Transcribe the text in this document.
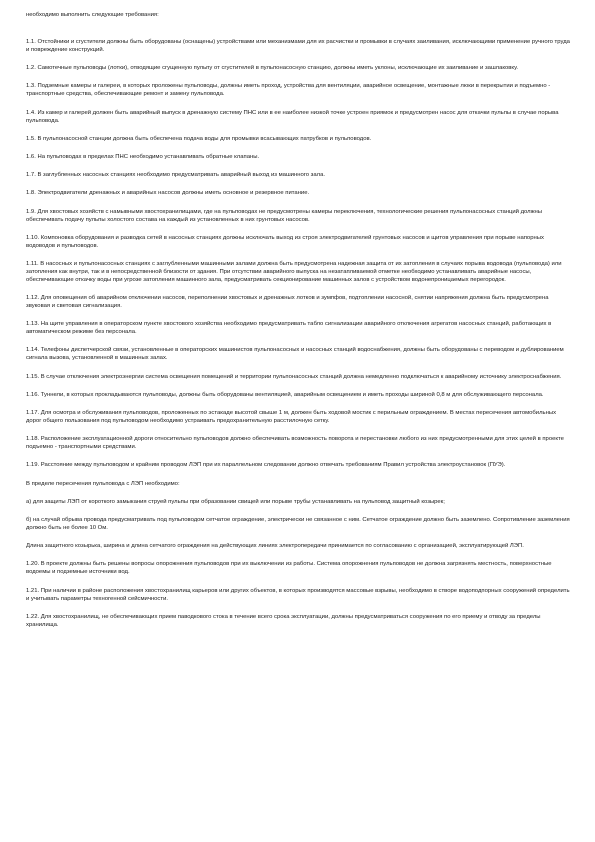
необходимо выполнить следующие требования:
1.1. Отстойники и сгустители должны быть оборудованы (оснащены) устройствами или механизмами для их расчистки и промывки в случаях заиливания, исключающими применение ручного труда и повреждение конструкций.
1.2. Самотечные пульповоды (лотки), отводящие сгущенную пульпу от сгустителей в пульпонасосную станцию, должны иметь уклоны, исключающие их заиливание и зашлаковку.
1.3. Подземные камеры и галереи, в которых проложены пульповоды, должны иметь проход, устройства для вентиляции, аварийное освещение, монтажные люки в перекрытии и подъемно - транспортные средства, обеспечивающие ремонт и замену пульповода.
1.4. Из камер и галерей должен быть аварийный выпуск в дренажную систему ПНС или в ее наиболее низкой точке устроен приямок и предусмотрен насос для откачки пульпы в случае порыва пульповода.
1.5. В пульпонасосной станции должна быть обеспечена подача воды для промывки всасывающих патрубков и пульповодов.
1.6. На пульповодах в пределах ПНС необходимо устанавливать обратные клапаны.
1.7. В заглубленных насосных станциях необходимо предусматривать аварийный выход из машинного зала.
1.8. Электродвигатели дренажных и аварийных насосов должны иметь основное и резервное питание.
1.9. Для хвостовых хозяйств с намывными хвостохранилищами, где на пульповодах не предусмотрены камеры переключения, технологические решения пульпонасосных станций должны обеспечивать подачу пульпы холостого состава на каждый из установленных в них грунтовых насосов.
1.10. Компоновка оборудования и разводка сетей в насосных станциях должны исключать выход из строя электродвигателей грунтовых насосов и щитов управления при порыве напорных водоводов и пульповодов.
1.11. В насосных и пульпонасосных станциях с заглубленными машинными залами должна быть предусмотрена надежная защита от их затопления в случаях порыва водовода (пульповода) или затопления как внутри, так и в непосредственной близости от здания. При отсутствии аварийного выпуска на незатапливаемой отметке необходимо устанавливать аварийные насосы, обеспечивающие откачку воды при угрозе затопления машинного зала, предусматривать секционирование машинных залов с устройством водонепроницаемых перегородок.
1.12. Для оповещения об аварийном отключении насосов, переполнении хвостовых и дренажных лотков и зумпфов, подтоплении насосной, снятии напряжения должна быть предусмотрена звуковая и световая сигнализация.
1.13. На щите управления в операторском пункте хвостового хозяйства необходимо предусматривать табло сигнализации аварийного отключения агрегатов насосных станций, работающих в автоматическом режиме без персонала.
1.14. Телефоны диспетчерской связи, установленные в операторских машинистов пульпонасосных и насосных станций водоснабжения, должны быть оборудованы с переводом и дублированием сигнала вызова, установленной в машинных залах.
1.15. В случае отключения электроэнергии система освещения помещений и территории пульпонасосных станций должна немедленно подключаться к аварийному источнику электроснабжения.
1.16. Туннели, в которых прокладываются пульповоды, должны быть оборудованы вентиляцией, аварийным освещением и иметь проходы шириной 0,8 м для обслуживающего персонала.
1.17. Для осмотра и обслуживания пульповодов, проложенных по эстакаде высотой свыше 1 м, должен быть ходовой мостик с перильным ограждением. В местах пересечения автомобильных дорог общего пользования под пульповодом необходимо устраивать предохранительную расстилочную сетку.
1.18. Расположение эксплуатационной дороги относительно пульповодов должно обеспечивать возможность поворота и перестановки любого из них предусмотренными для этих целей в проекте подъемно - транспортными средствами.
1.19. Расстояние между пульповодом и крайним проводом ЛЭП при их параллельном следовании должно отвечать требованиям Правил устройства электроустановок (ПУЭ).
В пределе пересечения пульповода с ЛЭП необходимо:
а) для защиты ЛЭП от короткого замыкания струей пульпы при образовании свищей или порыве трубы устанавливать на пульповод защитный козырек;
б) на случай обрыва провода предусматривать под пульповодом сетчатое ограждение, электрически не связанное с ним. Сетчатое ограждение должно быть заземлено. Сопротивление заземления должно быть не более 10 Ом.
Длина защитного козырька, ширина и длина сетчатого ограждения на действующих линиях электропередачи принимается по согласованию с организацией, эксплуатирующей ЛЭП.
1.20. В проекте должны быть решены вопросы опорожнения пульповодов при их выключении из работы. Система опорожнения пульповодов не должна загрязнять местность, поверхностные водоемы и подземные источники вод.
1.21. При наличии в районе расположения хвостохранилищ карьеров или других объектов, в которых производятся массовые взрывы, необходимо в створе водоподпорных сооружений определить и учитывать параметры техногенной сейсмичности.
1.22. Для хвостохранилищ, не обеспечивающих прием паводкового стока в течение всего срока эксплуатации, должны предусматриваться сооружения по его приему и отводу за пределы хранилища.
